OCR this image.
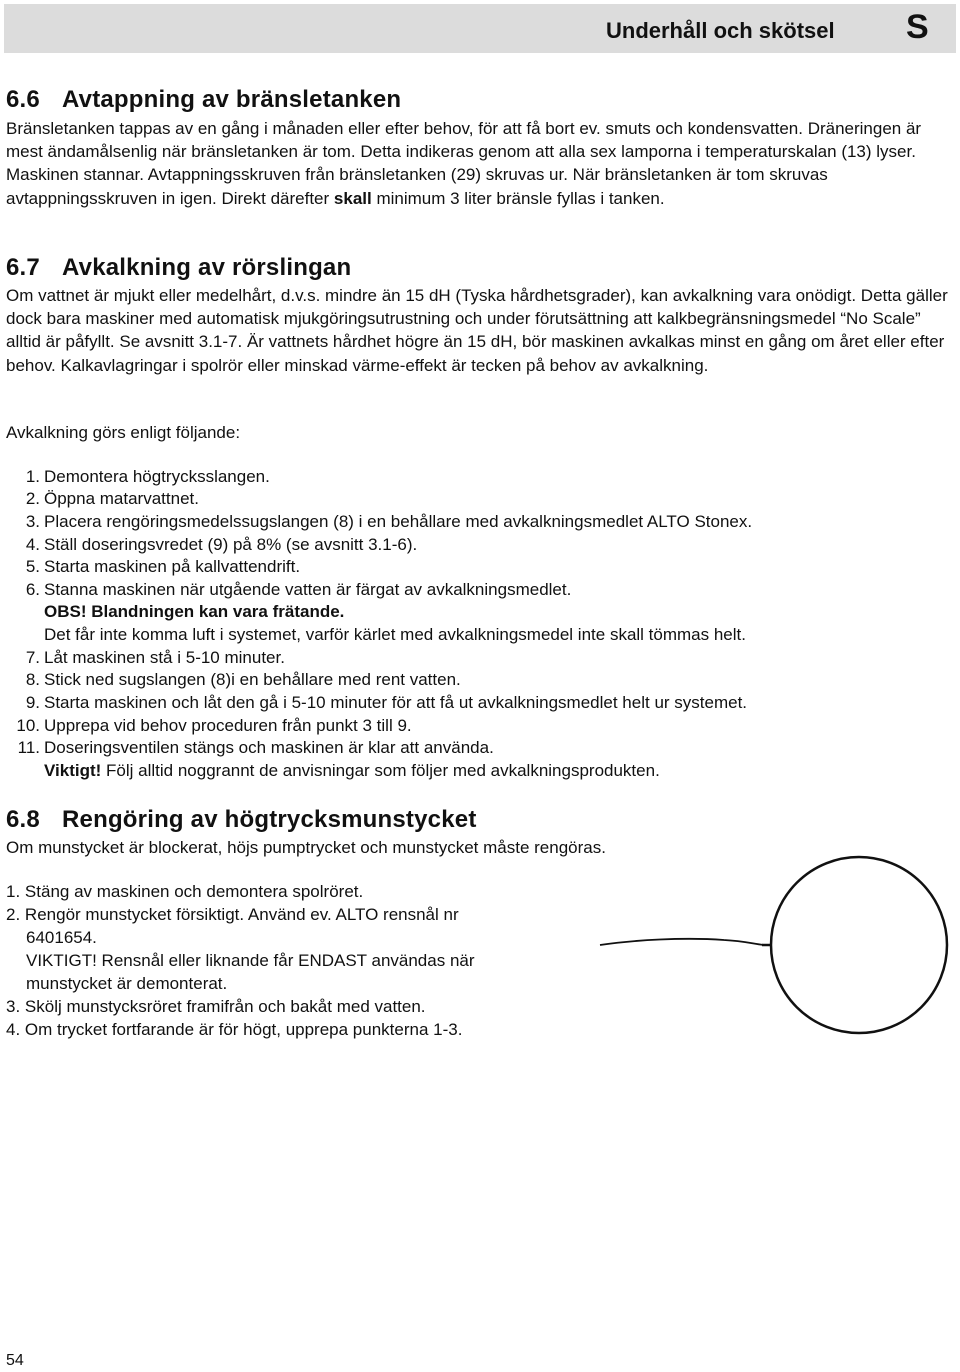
Underhåll och skötsel S
6.6 Avtappning av bränsletanken

Bränsletanken tappas av en gång i månaden eller efter behov, för att få bort ev. smuts och kondensvatten. Dräneringen är mest ändamålsenlig när bränsletanken är tom. Detta indikeras genom att alla sex lamporna i temperaturskalan (13) lyser. Maskinen stannar. Avtappningsskruven från bränsletanken (29) skruvas ur. När bränsletanken är tom skruvas avtappningsskruven in igen. Direkt därefter skall minimum 3 liter bränsle fyllas i tanken.

6.7 Avkalkning av rörslingan

Om vattnet är mjukt eller medelhårt, d.v.s. mindre än 15 dH (Tyska hårdhetsgrader), kan avkalkning vara onödigt. Detta gäller dock bara maskiner med automatisk mjukgöringsutrustning och under förutsättning att kalkbegränsningsmedel “No Scale” alltid är påfyllt. Se avsnitt 3.1-7. Är vattnets hårdhet högre än 15 dH, bör maskinen avkalkas minst en gång om året eller efter behov. Kalkavlagringar i spolrör eller minskad värme-effekt är tecken på behov av avkalkning.

Avkalkning görs enligt följande:

1. Demontera högtrycksslangen.
2. Öppna matarvattnet.
3. Placera rengöringsmedelssugslangen (8) i en behållare med avkalkningsmedlet ALTO Stonex.
4. Ställ doseringsvredet (9) på 8% (se avsnitt 3.1-6).
5. Starta maskinen på kallvattendrift.
6. Stanna maskinen när utgående vatten är färgat av avkalkningsmedlet.
OBS! Blandningen kan vara frätande.
Det får inte komma luft i systemet, varför kärlet med avkalkningsmedel inte skall tömmas helt.
7. Låt maskinen stå i 5-10 minuter.
8. Stick ned sugslangen (8)i en behållare med rent vatten.
9. Starta maskinen och låt den gå i 5-10 minuter för att få ut avkalkningsmedlet helt ur systemet.
10. Upprepa vid behov proceduren från punkt 3 till 9.
11. Doseringsventilen stängs och maskinen är klar att använda.
Viktigt! Följ alltid noggrannt de anvisningar som följer med avkalkningsprodukten.
6.8 Rengöring av högtrycksmunstycket

Om munstycket är blockerat, höjs pumptrycket och munstycket måste rengöras.

1. Stäng av maskinen och demontera spolröret.
2. Rengör munstycket försiktigt. Använd ev. ALTO rensnål nr
6401654.
VIKTIGT! Rensnål eller liknande får ENDAST användas när
munstycket är demonterat.
3. Skölj munstycksröret framifrån och bakåt med vatten.
4. Om trycket fortfarande är för högt, upprepa punkterna 1-3.
54
